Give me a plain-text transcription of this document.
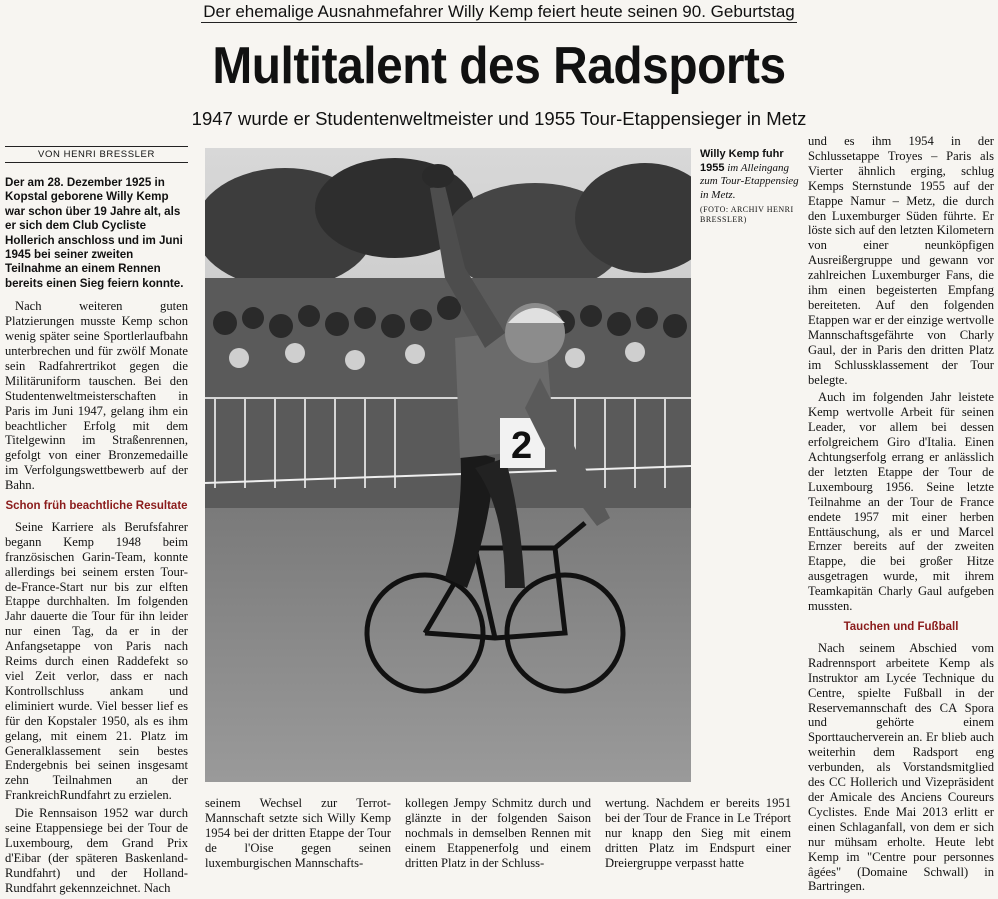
Der ehemalige Ausnahmefahrer Willy Kemp feiert heute seinen 90. Geburtstag
Multitalent des Radsports
1947 wurde er Studentenweltmeister und 1955 Tour-Etappensieger in Metz
VON HENRI BRESSLER

Der am 28. Dezember 1925 in Kopstal geborene Willy Kemp war schon über 19 Jahre alt, als er sich dem Club Cycliste Hollerich anschloss und im Juni 1945 bei seiner zweiten Teilnahme an einem Rennen bereits einen Sieg feiern konnte.

Nach weiteren guten Platzierungen musste Kemp schon wenig später seine Sportlerlaufbahn unterbrechen und für zwölf Monate sein Radfahrertrikot gegen die Militäruniform tauschen. Bei den Studentenweltmeisterschaften in Paris im Juni 1947, gelang ihm ein beachtlicher Erfolg mit dem Titelgewinn im Straßenrennen, gefolgt von einer Bronzemedaille im Verfolgungswettbewerb auf der Bahn.

Schon früh beachtliche Resultate

Seine Karriere als Berufsfahrer begann Kemp 1948 beim französischen Garin-Team, konnte allerdings bei seinem ersten Tour-de-France-Start nur bis zur elften Etappe durchhalten. Im folgenden Jahr dauerte die Tour für ihn leider nur einen Tag, da er in der Anfangsetappe von Paris nach Reims durch einen Raddefekt so viel Zeit verlor, dass er nach Kontrollschluss ankam und eliminiert wurde. Viel besser lief es für den Kopstaler 1950, als es ihm gelang, mit einem 21. Platz im Generalklassement sein bestes Endergebnis bei seinen insgesamt zehn Teilnahmen an der FrankreichRundfahrt zu erzielen.

Die Rennsaison 1952 war durch seine Etappensiege bei der Tour de Luxembourg, dem Grand Prix d'Eibar (der späteren Baskenland-Rundfahrt) und der Holland-Rundfahrt gekennzeichnet. Nach

2
Willy Kemp fuhr 1955 im Alleingang zum Tour-Etappensieg in Metz.
(FOTO: ARCHIV HENRI BRESSLER)

seinem Wechsel zur Terrot-Mannschaft setzte sich Willy Kemp 1954 bei der dritten Etappe der Tour de l'Oise gegen seinen luxemburgischen Mannschafts-

kollegen Jempy Schmitz durch und glänzte in der folgenden Saison nochmals in demselben Rennen mit einem Etappenerfolg und einem dritten Platz in der Schluss-

wertung. Nachdem er bereits 1951 bei der Tour de France in Le Tréport nur knapp den Sieg mit einem dritten Platz im Endspurt einer Dreiergruppe verpasst hatte

und es ihm 1954 in der Schlussetappe Troyes – Paris als Vierter ähnlich erging, schlug Kemps Sternstunde 1955 auf der Etappe Namur – Metz, die durch den Luxemburger Süden führte. Er löste sich auf den letzten Kilometern von einer neunköpfigen Ausreißergruppe und gewann vor zahlreichen Luxemburger Fans, die ihm einen begeisterten Empfang bereiteten. Auf den folgenden Etappen war er der einzige wertvolle Mannschaftsgefährte von Charly Gaul, der in Paris den dritten Platz im Schlussklassement der Tour belegte.

Auch im folgenden Jahr leistete Kemp wertvolle Arbeit für seinen Leader, vor allem bei dessen erfolgreichem Giro d'Italia. Einen Achtungserfolg errang er anlässlich der letzten Etappe der Tour de Luxembourg 1956. Seine letzte Teilnahme an der Tour de France endete 1957 mit einer herben Enttäuschung, als er und Marcel Ernzer bereits auf der zweiten Etappe, die bei großer Hitze ausgetragen wurde, mit ihrem Teamkapitän Charly Gaul aufgeben mussten.

Tauchen und Fußball

Nach seinem Abschied vom Radrennsport arbeitete Kemp als Instruktor am Lycée Technique du Centre, spielte Fußball in der Reservemannschaft des CA Spora und gehörte einem Sporttaucherverein an. Er blieb auch weiterhin dem Radsport eng verbunden, als Vorstandsmitglied des CC Hollerich und Vizepräsident der Amicale des Anciens Coureurs Cyclistes. Ende Mai 2013 erlitt er einen Schlaganfall, von dem er sich nur mühsam erholte. Heute lebt Kemp im "Centre pour personnes âgées" (Domaine Schwall) in Bartringen.
